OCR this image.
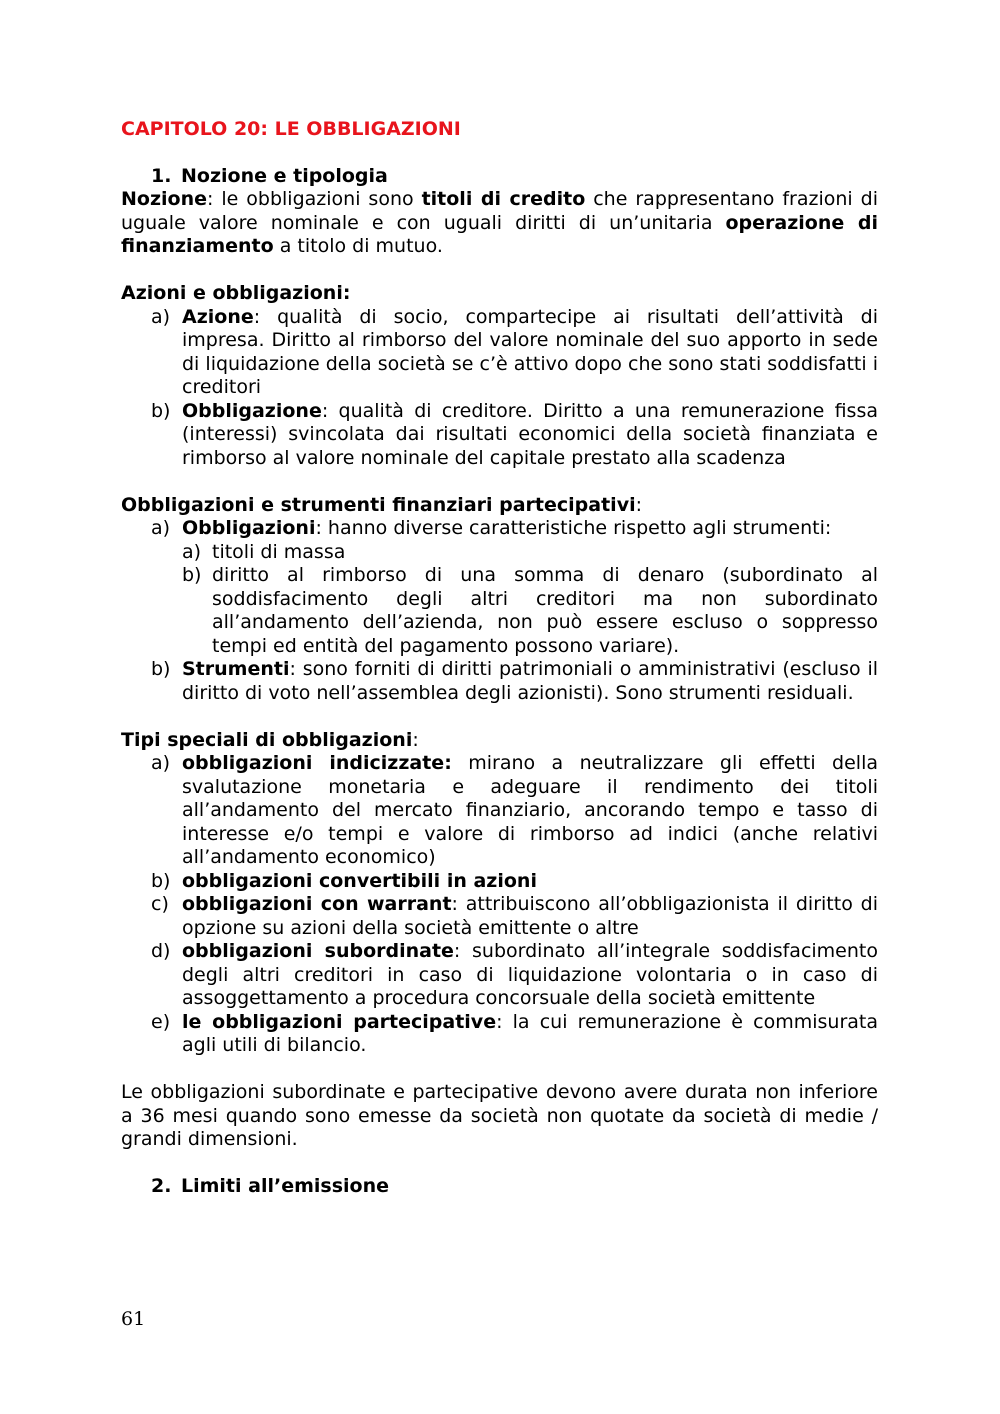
CAPITOLO 20: LE OBBLIGAZIONI
1. Nozione e tipologia

Nozione: le obbligazioni sono titoli di credito che rappresentano frazioni di uguale valore nominale e con uguali diritti di un’unitaria operazione di finanziamento a titolo di mutuo.

Azioni e obbligazioni:

a) Azione: qualità di socio, compartecipe ai risultati dell’attività di impresa. Diritto al rimborso del valore nominale del suo apporto in sede di liquidazione della società se c’è attivo dopo che sono stati soddisfatti i creditori
b) Obbligazione: qualità di creditore. Diritto a una remunerazione fissa (interessi) svincolata dai risultati economici della società finanziata e rimborso al valore nominale del capitale prestato alla scadenza

Obbligazioni e strumenti finanziari partecipativi:

a) Obbligazioni: hanno diverse caratteristiche rispetto agli strumenti:
a) titoli di massa
b) diritto al rimborso di una somma di denaro (subordinato al soddisfacimento degli altri creditori ma non subordinato all’andamento dell’azienda, non può essere escluso o soppresso tempi ed entità del pagamento possono variare).
b) Strumenti: sono forniti di diritti patrimoniali o amministrativi (escluso il diritto di voto nell’assemblea degli azionisti). Sono strumenti residuali.

Tipi speciali di obbligazioni:

a) obbligazioni indicizzate: mirano a neutralizzare gli effetti della svalutazione monetaria e adeguare il rendimento dei titoli all’andamento del mercato finanziario, ancorando tempo e tasso di interesse e/o tempi e valore di rimborso ad indici (anche relativi all’andamento economico)
b) obbligazioni convertibili in azioni
c) obbligazioni con warrant: attribuiscono all’obbligazionista il diritto di opzione su azioni della società emittente o altre
d) obbligazioni subordinate: subordinato all’integrale soddisfacimento degli altri creditori in caso di liquidazione volontaria o in caso di assoggettamento a procedura concorsuale della società emittente
e) le obbligazioni partecipative: la cui remunerazione è commisurata agli utili di bilancio.

Le obbligazioni subordinate e partecipative devono avere durata non inferiore a 36 mesi quando sono emesse da società non quotate da società di medie / grandi dimensioni.

2. Limiti all’emissione
61
